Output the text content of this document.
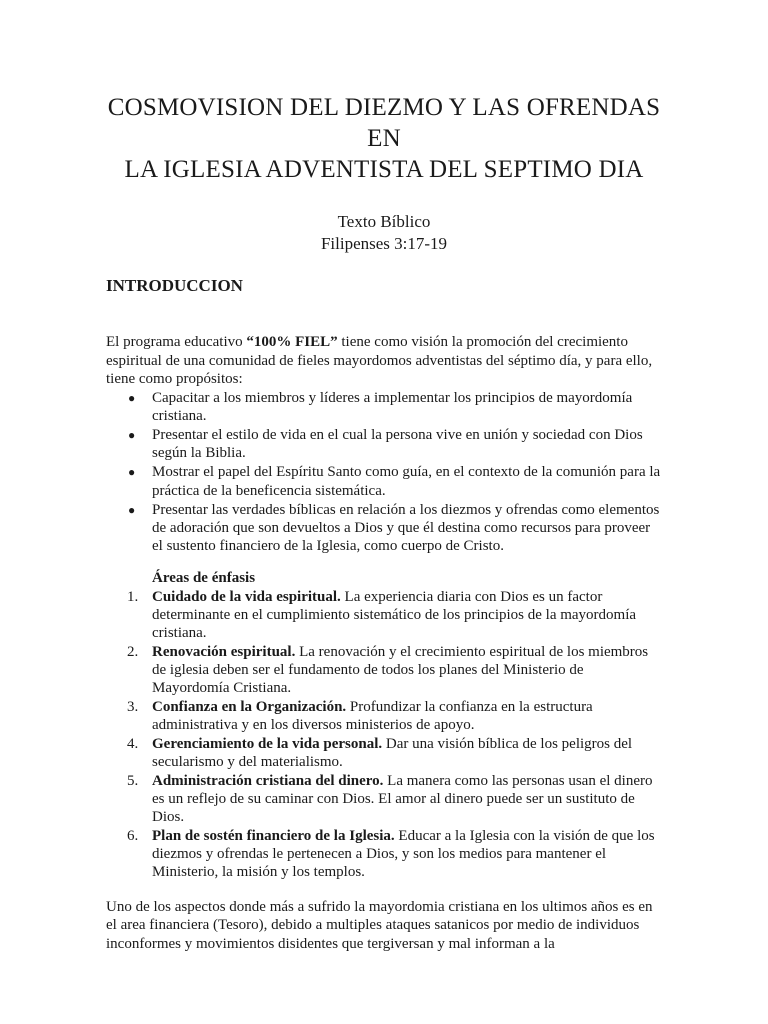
COSMOVISION DEL DIEZMO Y LAS OFRENDAS EN
LA IGLESIA ADVENTISTA DEL SEPTIMO DIA
Texto Bíblico
Filipenses 3:17-19
INTRODUCCION

El programa educativo “100% FIEL” tiene como visión la promoción del crecimiento espiritual de una comunidad de fieles mayordomos adventistas del séptimo día, y para ello, tiene como propósitos:

● Capacitar a los miembros y líderes a implementar los principios de mayordomía cristiana.
● Presentar el estilo de vida en el cual la persona vive en unión y sociedad con Dios según la Biblia.
● Mostrar el papel del Espíritu Santo como guía, en el contexto de la comunión para la práctica de la beneficencia sistemática.
● Presentar las verdades bíblicas en relación a los diezmos y ofrendas como elementos de adoración que son devueltos a Dios y que él destina como recursos para proveer el sustento financiero de la Iglesia, como cuerpo de Cristo.
Áreas de énfasis
1. Cuidado de la vida espiritual. La experiencia diaria con Dios es un factor determinante en el cumplimiento sistemático de los principios de la mayordomía cristiana.
2. Renovación espiritual. La renovación y el crecimiento espiritual de los miembros de iglesia deben ser el fundamento de todos los planes del Ministerio de Mayordomía Cristiana.
3. Confianza en la Organización. Profundizar la confianza en la estructura administrativa y en los diversos ministerios de apoyo.
4. Gerenciamiento de la vida personal. Dar una visión bíblica de los peligros del secularismo y del materialismo.
5. Administración cristiana del dinero. La manera como las personas usan el dinero es un reflejo de su caminar con Dios. El amor al dinero puede ser un sustituto de Dios.
6. Plan de sostén financiero de la Iglesia. Educar a la Iglesia con la visión de que los diezmos y ofrendas le pertenecen a Dios, y son los medios para mantener el Ministerio, la misión y los templos.

Uno de los aspectos donde más a sufrido la mayordomia cristiana en los ultimos años es en el area financiera (Tesoro), debido a multiples ataques satanicos por medio de individuos inconformes y movimientos disidentes que tergiversan y mal informan a la
